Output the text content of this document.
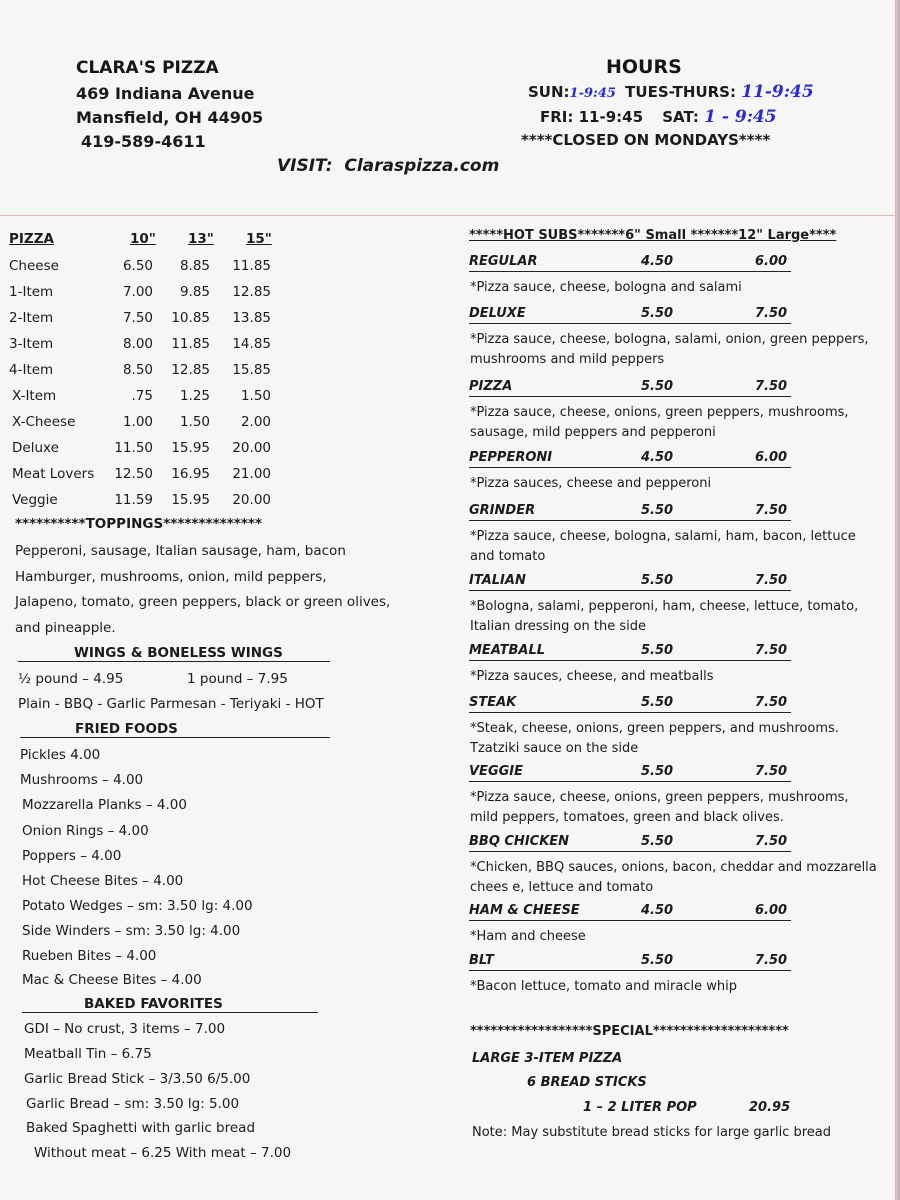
CLARA'S PIZZA
469 Indiana Avenue
Mansfield, OH 44905
419-589-4611
VISIT: Claraspizza.com
HOURS
SUN:1-9:45 TUES-THURS: 11-9:45
FRI: 11-9:45 SAT: 1 - 9:45
****CLOSED ON MONDAYS****
PIZZA	10" 13" 15"
Cheese	6.50 8.85 11.85
1-Item	7.00 9.85 12.85
2-Item	7.50 10.85 13.85
3-Item	8.00 11.85 14.85
4-Item	8.50 12.85 15.85
X-Item	.75 1.25 1.50
X-Cheese	1.00 1.50 2.00
Deluxe	11.50 15.95 20.00
Meat Lovers 12.50 16.95 21.00
Veggie	11.59 15.95 20.00
**********TOPPINGS**************
Pepperoni, sausage, Italian sausage, ham, bacon
Hamburger, mushrooms, onion, mild peppers,
Jalapeno, tomato, green peppers, black or green olives,
and pineapple.
WINGS & BONELESS WINGS
½ pound – 4.95	1 pound – 7.95
Plain - BBQ - Garlic Parmesan - Teriyaki - HOT
FRIED FOODS
Pickles 4.00
Mushrooms – 4.00
Mozzarella Planks – 4.00
Onion Rings – 4.00
Poppers – 4.00
Hot Cheese Bites – 4.00
Potato Wedges – sm: 3.50 lg: 4.00
Side Winders – sm: 3.50 lg: 4.00
Rueben Bites – 4.00
Mac & Cheese Bites – 4.00
BAKED FAVORITES
GDI – No crust, 3 items – 7.00
Meatball Tin – 6.75
Garlic Bread Stick – 3/3.50 6/5.00
Garlic Bread – sm: 3.50 lg: 5.00
Baked Spaghetti with garlic bread
Without meat – 6.25 With meat – 7.00
*****HOT SUBS*******6" Small *******12" Large****
REGULAR	4.50	6.00
*Pizza sauce, cheese, bologna and salami
DELUXE	5.50	7.50
*Pizza sauce, cheese, bologna, salami, onion, green peppers,
mushrooms and mild peppers
PIZZA	5.50	7.50
*Pizza sauce, cheese, onions, green peppers, mushrooms,
sausage, mild peppers and pepperoni
PEPPERONI	4.50	6.00
*Pizza sauces, cheese and pepperoni
GRINDER	5.50	7.50
*Pizza sauce, cheese, bologna, salami, ham, bacon, lettuce
and tomato
ITALIAN	5.50	7.50
*Bologna, salami, pepperoni, ham, cheese, lettuce, tomato,
Italian dressing on the side
MEATBALL	5.50	7.50
*Pizza sauces, cheese, and meatballs
STEAK	5.50	7.50
*Steak, cheese, onions, green peppers, and mushrooms.
Tzatziki sauce on the side
VEGGIE	5.50	7.50
*Pizza sauce, cheese, onions, green peppers, mushrooms,
mild peppers, tomatoes, green and black olives.
BBQ CHICKEN	5.50	7.50
*Chicken, BBQ sauces, onions, bacon, cheddar and mozzarella
chees e, lettuce and tomato
HAM & CHEESE	4.50	6.00
*Ham and cheese
BLT	5.50	7.50
*Bacon lettuce, tomato and miracle whip
******************SPECIAL********************
LARGE 3-ITEM PIZZA
6 BREAD STICKS
1 – 2 LITER POP	20.95
Note: May substitute bread sticks for large garlic bread
